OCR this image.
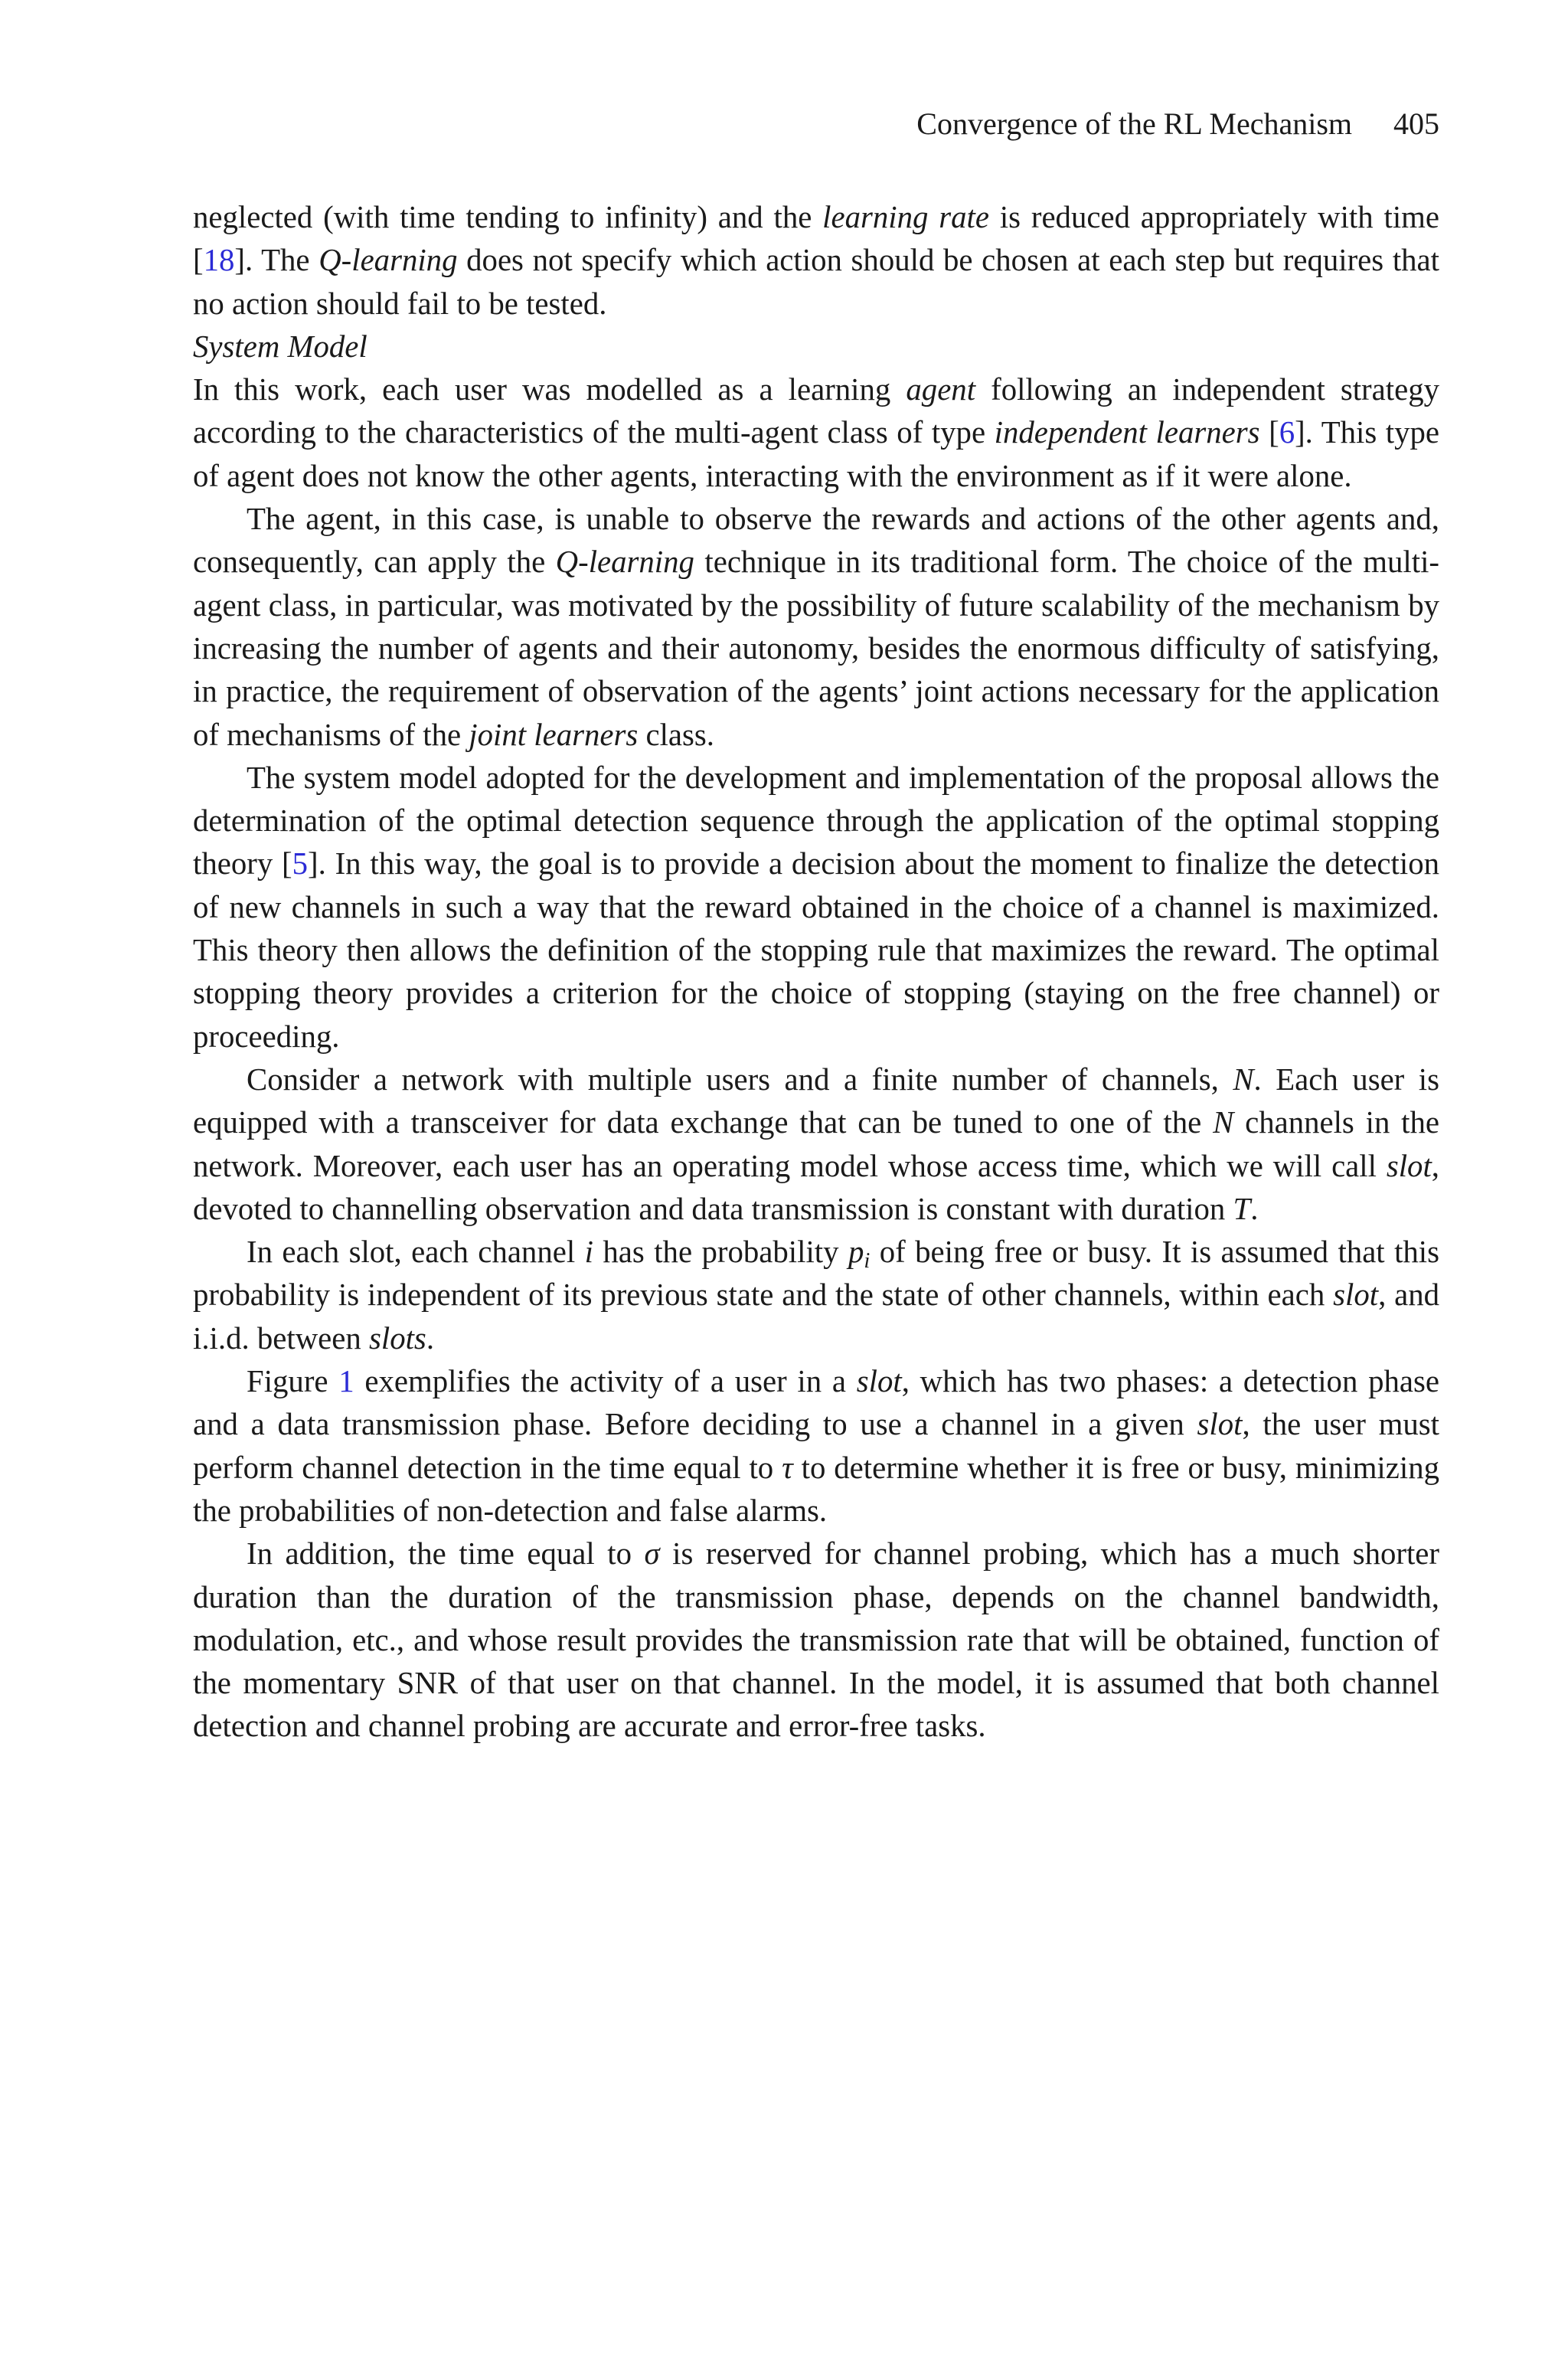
Convergence of the RL Mechanism 405

neglected (with time tending to infinity) and the learning rate is reduced appropriately with time [18]. The Q-learning does not specify which action should be chosen at each step but requires that no action should fail to be tested.

System Model

In this work, each user was modelled as a learning agent following an independent strategy according to the characteristics of the multi-agent class of type independent learners [6]. This type of agent does not know the other agents, interacting with the environment as if it were alone.

The agent, in this case, is unable to observe the rewards and actions of the other agents and, consequently, can apply the Q-learning technique in its traditional form. The choice of the multi-agent class, in particular, was motivated by the possibility of future scalability of the mechanism by increasing the number of agents and their autonomy, besides the enormous difficulty of satisfying, in practice, the requirement of observation of the agents’ joint actions necessary for the application of mechanisms of the joint learners class.

The system model adopted for the development and implementation of the proposal allows the determination of the optimal detection sequence through the application of the optimal stopping theory [5]. In this way, the goal is to provide a decision about the moment to finalize the detection of new channels in such a way that the reward obtained in the choice of a channel is maximized. This theory then allows the definition of the stopping rule that maximizes the reward. The optimal stopping theory provides a criterion for the choice of stopping (staying on the free channel) or proceeding.

Consider a network with multiple users and a finite number of channels, N. Each user is equipped with a transceiver for data exchange that can be tuned to one of the N channels in the network. Moreover, each user has an operating model whose access time, which we will call slot, devoted to channelling observation and data transmission is constant with duration T.

In each slot, each channel i has the probability $p_i$ of being free or busy. It is assumed that this probability is independent of its previous state and the state of other channels, within each slot, and i.i.d. between slots.

Figure 1 exemplifies the activity of a user in a slot, which has two phases: a detection phase and a data transmission phase. Before deciding to use a channel in a given slot, the user must perform channel detection in the time equal to τ to determine whether it is free or busy, minimizing the probabilities of non-detection and false alarms.

In addition, the time equal to σ is reserved for channel probing, which has a much shorter duration than the duration of the transmission phase, depends on the channel bandwidth, modulation, etc., and whose result provides the transmission rate that will be obtained, function of the momentary SNR of that user on that channel. In the model, it is assumed that both channel detection and channel probing are accurate and error-free tasks.
